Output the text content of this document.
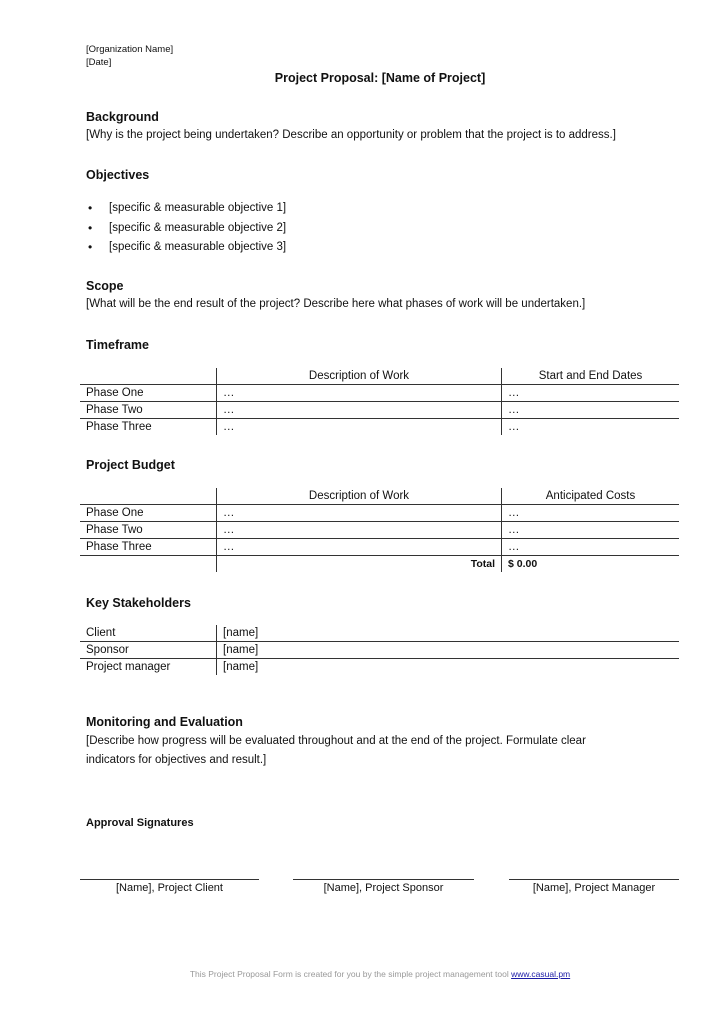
[Organization Name]
[Date]
Project Proposal: [Name of Project]
Background
[Why is the project being undertaken? Describe an opportunity or problem that the project is to address.]
Objectives
• [specific & measurable objective 1]
• [specific & measurable objective 2]
• [specific & measurable objective 3]
Scope
[What will be the end result of the project? Describe here what phases of work will be undertaken.]
Timeframe
	Description of Work	Start and End Dates
Phase One	…	…
Phase Two	…	…
Phase Three	…	…
Project Budget
	Description of Work	Anticipated Costs
Phase One	…	…
Phase Two	…	…
Phase Three	…	…
	Total	$ 0.00
Key Stakeholders
Client	[name]
Sponsor	[name]
Project manager	[name]
Monitoring and Evaluation
[Describe how progress will be evaluated throughout and at the end of the project. Formulate clear
indicators for objectives and result.]
Approval Signatures
[Name], Project Client	[Name], Project Sponsor	[Name], Project Manager
This Project Proposal Form is created for you by the simple project management tool www.casual.pm
